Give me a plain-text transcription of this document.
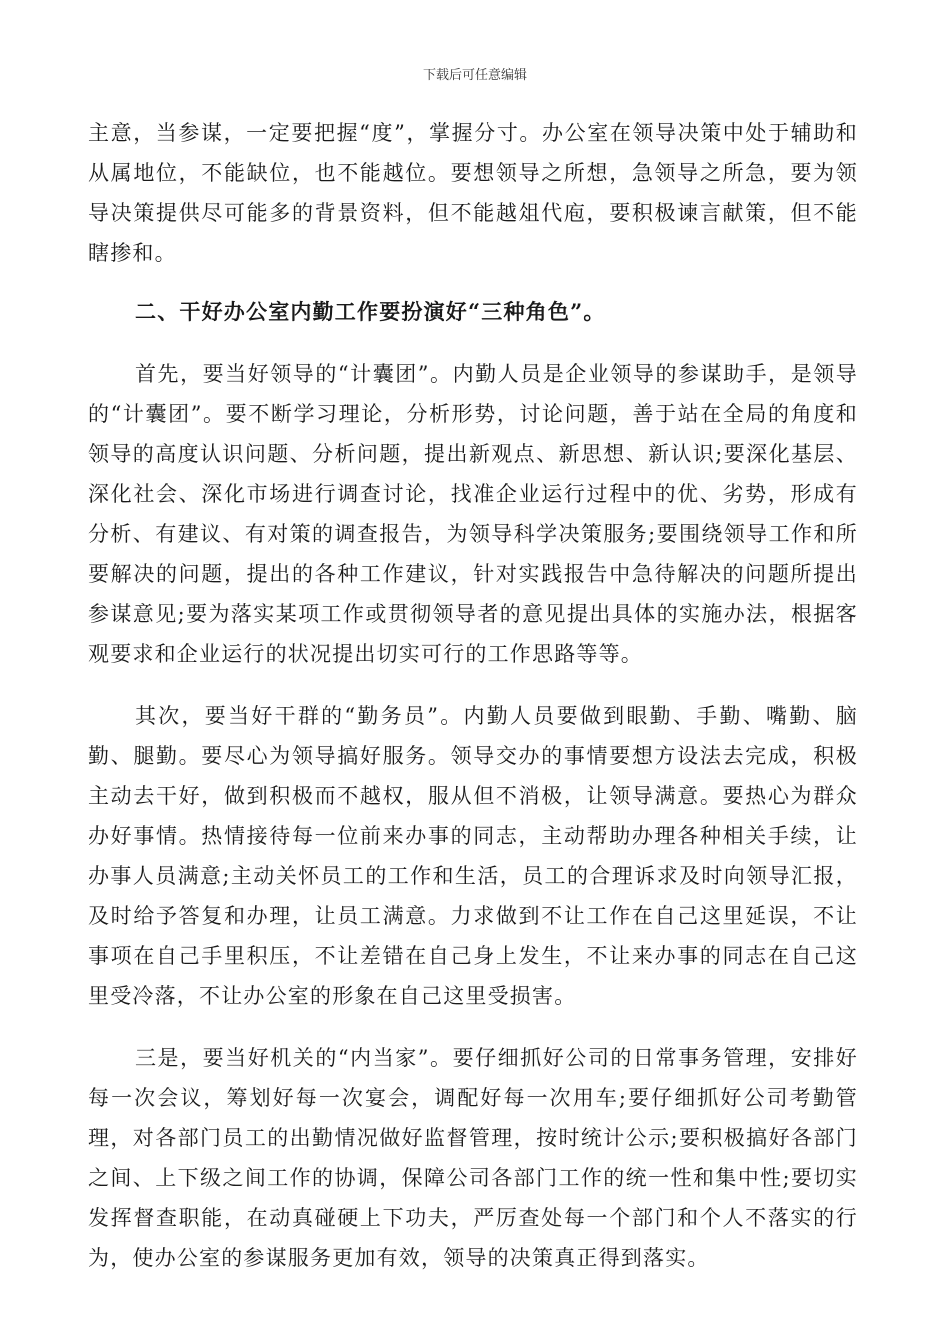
下载后可任意编辑

主意，当参谋，一定要把握“度”，掌握分寸。办公室在领导决策中处于辅助和从属地位，不能缺位，也不能越位。要想领导之所想，急领导之所急，要为领导决策提供尽可能多的背景资料，但不能越俎代庖，要积极谏言献策，但不能瞎掺和。

二、干好办公室内勤工作要扮演好“三种角色”。

首先，要当好领导的“计囊团”。内勤人员是企业领导的参谋助手，是领导的“计囊团”。要不断学习理论，分析形势，讨论问题，善于站在全局的角度和领导的高度认识问题、分析问题，提出新观点、新思想、新认识;要深化基层、深化社会、深化市场进行调查讨论，找准企业运行过程中的优、劣势，形成有分析、有建议、有对策的调查报告，为领导科学决策服务;要围绕领导工作和所要解决的问题，提出的各种工作建议，针对实践报告中急待解决的问题所提出参谋意见;要为落实某项工作或贯彻领导者的意见提出具体的实施办法，根据客观要求和企业运行的状况提出切实可行的工作思路等等。

其次，要当好干群的“勤务员”。内勤人员要做到眼勤、手勤、嘴勤、脑勤、腿勤。要尽心为领导搞好服务。领导交办的事情要想方设法去完成，积极主动去干好，做到积极而不越权，服从但不消极，让领导满意。要热心为群众办好事情。热情接待每一位前来办事的同志，主动帮助办理各种相关手续，让办事人员满意;主动关怀员工的工作和生活，员工的合理诉求及时向领导汇报，及时给予答复和办理，让员工满意。力求做到不让工作在自己这里延误，不让事项在自己手里积压，不让差错在自己身上发生，不让来办事的同志在自己这里受冷落，不让办公室的形象在自己这里受损害。

三是，要当好机关的“内当家”。要仔细抓好公司的日常事务管理，安排好每一次会议，筹划好每一次宴会，调配好每一次用车;要仔细抓好公司考勤管理，对各部门员工的出勤情况做好监督管理，按时统计公示;要积极搞好各部门之间、上下级之间工作的协调，保障公司各部门工作的统一性和集中性;要切实发挥督查职能，在动真碰硬上下功夫，严厉查处每一个部门和个人不落实的行为，使办公室的参谋服务更加有效，领导的决策真正得到落实。
